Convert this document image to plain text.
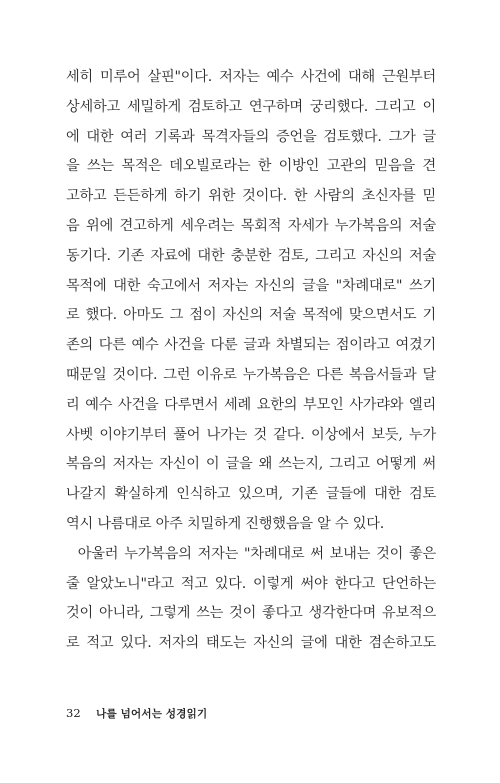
세히 미루어 살핀"이다. 저자는 예수 사건에 대해 근원부터
상세하고 세밀하게 검토하고 연구하며 궁리했다. 그리고 이
에 대한 여러 기록과 목격자들의 증언을 검토했다. 그가 글
을 쓰는 목적은 데오빌로라는 한 이방인 고관의 믿음을 견
고하고 든든하게 하기 위한 것이다. 한 사람의 초신자를 믿
음 위에 견고하게 세우려는 목회적 자세가 누가복음의 저술
동기다. 기존 자료에 대한 충분한 검토, 그리고 자신의 저술
목적에 대한 숙고에서 저자는 자신의 글을 "차례대로" 쓰기
로 했다. 아마도 그 점이 자신의 저술 목적에 맞으면서도 기
존의 다른 예수 사건을 다룬 글과 차별되는 점이라고 여겼기
때문일 것이다. 그런 이유로 누가복음은 다른 복음서들과 달
리 예수 사건을 다루면서 세례 요한의 부모인 사가랴와 엘리
사벳 이야기부터 풀어 나가는 것 같다. 이상에서 보듯, 누가
복음의 저자는 자신이 이 글을 왜 쓰는지, 그리고 어떻게 써
나갈지 확실하게 인식하고 있으며, 기존 글들에 대한 검토
역시 나름대로 아주 치밀하게 진행했음을 알 수 있다.
아울러 누가복음의 저자는 "차례대로 써 보내는 것이 좋은
줄 알았노니"라고 적고 있다. 이렇게 써야 한다고 단언하는
것이 아니라, 그렇게 쓰는 것이 좋다고 생각한다며 유보적으
로 적고 있다. 저자의 태도는 자신의 글에 대한 겸손하고도
32 나를 넘어서는 성경읽기
